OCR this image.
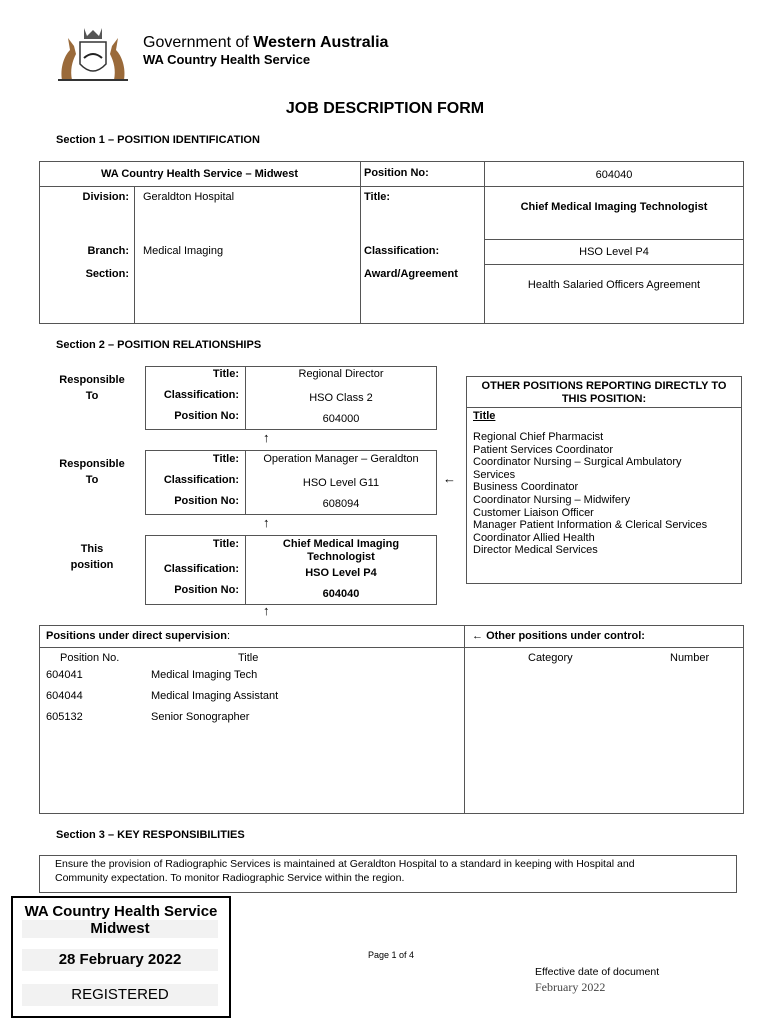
Government of Western Australia
WA Country Health Service
JOB DESCRIPTION FORM
Section 1 – POSITION IDENTIFICATION
WA Country Health Service – Midwest	Position No:	604040
Division: Geraldton Hospital	Title:
Chief Medical Imaging Technologist
Branch: Medical Imaging	Classification:	HSO Level P4
Section:	Award/Agreement
Health Salaried Officers Agreement
Section 2 – POSITION RELATIONSHIPS
Responsible
To
Responsible
To
This
position
Title:	Regional Director
Classification:	HSO Class 2
Position No:	604000
↑
Title:	Operation Manager – Geraldton
Classification:	HSO Level G11
Position No:	608094
←
↑
Title:	Chief Medical Imaging
Technologist
Classification:	HSO Level P4
Position No:	604040
↑
OTHER POSITIONS REPORTING DIRECTLY TO
THIS POSITION:
Title
Regional Chief Pharmacist
Patient Services Coordinator
Coordinator Nursing – Surgical Ambulatory
Services
Business Coordinator
Coordinator Nursing – Midwifery
Customer Liaison Officer
Manager Patient Information & Clerical Services
Coordinator Allied Health
Director Medical Services
Positions under direct supervision:
Position No.	Title
604041	Medical Imaging Tech
604044	Medical Imaging Assistant
605132	Senior Sonographer
← Other positions under control:
Category	Number
Section 3 – KEY RESPONSIBILITIES
Ensure the provision of Radiographic Services is maintained at Geraldton Hospital to a standard in keeping with Hospital and
Community expectation. To monitor Radiographic Service within the region.
WA Country Health Service
Midwest
28 February 2022
REGISTERED
Page 1 of 4
Effective date of document
February 2022
